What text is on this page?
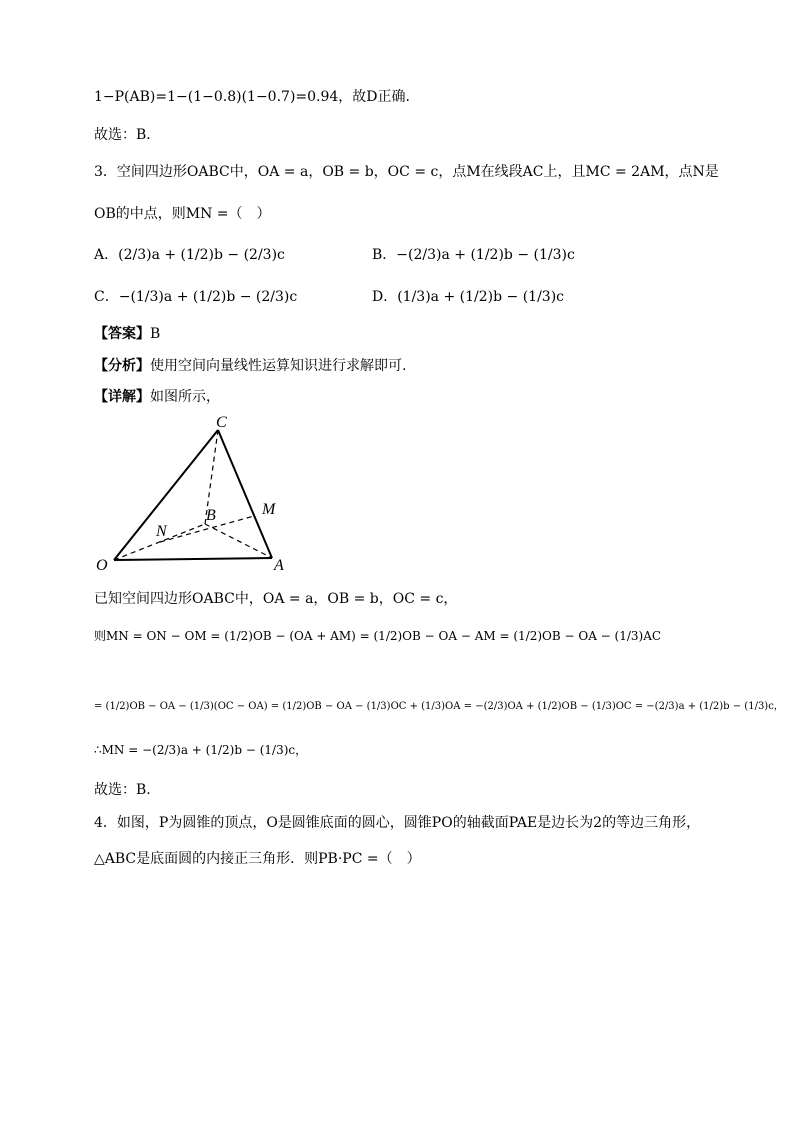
1−P(AB)=1−(1−0.8)(1−0.7)=0.94，故D正确．
故选：B．
3．空间四边形OABC中，OA = a，OB = b，OC = c，点M在线段AC上，且MC = 2AM，点N是
OB的中点，则MN =（　）
A．(2/3)a + (1/2)b − (2/3)c	B．−(2/3)a + (1/2)b − (1/3)c
C．−(1/3)a + (1/2)b − (2/3)c	D．(1/3)a + (1/2)b − (1/3)c
【答案】B
【分析】使用空间向量线性运算知识进行求解即可.
【详解】如图所示，
C
M
B
N
O	A
已知空间四边形OABC中，OA = a，OB = b，OC = c，
则MN = ON − OM = (1/2)OB − (OA + AM) = (1/2)OB − OA − AM = (1/2)OB − OA − (1/3)AC
= (1/2)OB − OA − (1/3)(OC − OA) = (1/2)OB − OA − (1/3)OC + (1/3)OA = −(2/3)OA + (1/2)OB − (1/3)OC = −(2/3)a + (1/2)b − (1/3)c，
∴MN = −(2/3)a + (1/2)b − (1/3)c，
故选：B.
4．如图，P为圆锥的顶点，O是圆锥底面的圆心，圆锥PO的轴截面PAE是边长为2的等边三角形，
△ABC是底面圆的内接正三角形．则PB·PC =（　）
